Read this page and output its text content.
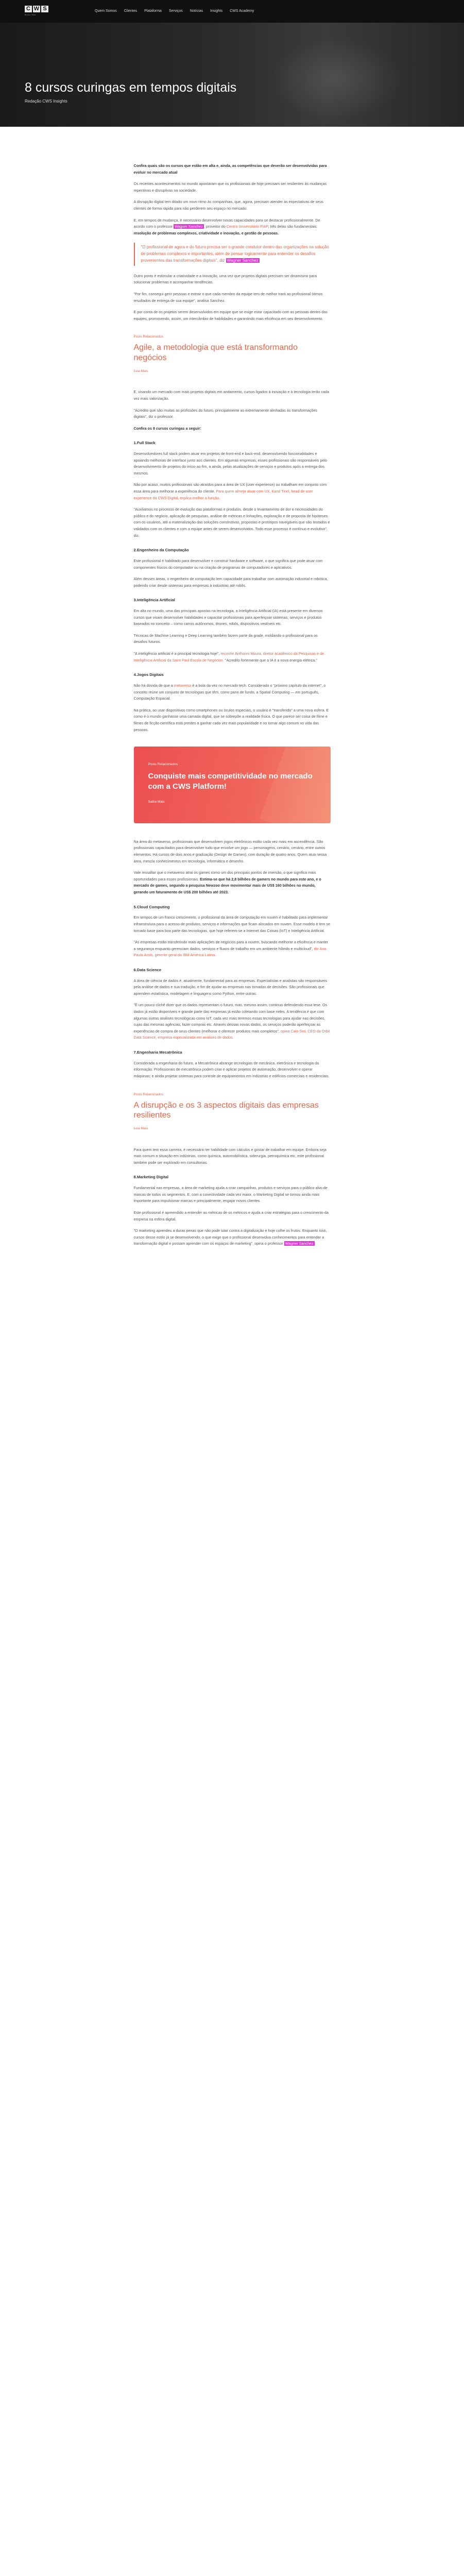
C W S
Brain Hub
Quem Somos Clientes Plataforma Serviços Notícias Insights CWS Academy
8 cursos curingas em tempos digitais
Redação CWS Insights

Confira quais são os cursos que estão em alta e, ainda, as competências que deverão ser desenvolvidas para evoluir no mercado atual

Os recentes acontecimentos no mundo apontaram que os profissionais de hoje precisam ser resilientes às mudanças repentinas e disruptivas na sociedade.

A disrupção digital tem ditado um novo ritmo às companhias, que, agora, precisam atender às expectativas de seus clientes de forma rápida para não perderem seu espaço no mercado.

E, em tempos de mudança, é necessário desenvolver novas capacidades para se destacar profissionalmente. De acordo com o professor Wagner Sanchez , proveitor do Centro Universitário FIAP, três delas são fundamentais: resolução de problemas complexos, criatividade e inovação, e gestão de pessoas.

"O profissional de agora e do futuro precisa ser o grande condutor dentro das organizações na solução de problemas complexos e importantes, além de pensar logicamente para entender os desafios provenientes das transformações digitais", diz Wagner Sanchez

Outro ponto é estimular a criatividade e a inovação, uma vez que projetos digitais precisam ser dinamismo para solucionar problemas e acompanhar tendências.

"Por fim, consegui gerir pessoas e extrair o que cada membro da equipe tem de melhor trará ao profissional ótimos resultados de entrega de sua equipe", analisa Sanchez.

E por conta de os projetos serem desenvolvidos em equipe que se exige estar capacitado com as pessoas dentro das equipes, promovendo, assim, um intercâmbio de habilidades e garantindo mais eficiência em seu desenvolvimento.

Posts Relacionados
Agile, a metodologia que está transformando negócios
Leia Mais

E, visando um mercado com mais projetos digitais em andamento, cursos ligados à inovação e à tecnologia terão cada vez mais valorização.

"Acredito que são muitas as profissões do futuro, principalmente as extremamente alinhadas às transformações digitais", diz o professor.

Confira os 8 cursos curingas a seguir:

1.Full Stack

Desenvolvedores full stack podem atuar em projetos de front-end e back-end, desenvolvendo funcionalidades e apoiando melhorias de interface junto aos clientes. Em algumas empresas, esses profissionais são responsáveis pelo desenvolvimento de projetos do início ao fim, a ainda, pelas atualizações de serviços e produtos após a entrega dos mesmos.

Não por acaso, muitos profissionais são atraídos para a área de UX (user experience) ou trabalham em conjunto com essa área para melhorar a experiência do cliente. Para quem almeja atuar com UX, Karol Tiriel, head de user experience da CWS Digital, explica melhor a função.

"Auxiliamos no processo de evolução das plataformas e produtos, desde o levantamento de dor e necessidades do público e do negócio, aplicação de pesquisas, análise de métricas e linhações, exploração e de proposta de hipóteses com os usuários, até a materialização das soluções construtivas, propostas e protótipos navegáveis que são testados e validados com os clientes e com a equipe antes de serem desenvolvidos. Todo esse processo é contínuo e evolutivo", diz.

2.Engenheiro da Computação

Este profissional é habilitado para desenvolver e construir hardware e software, o que significa que pode atuar com componentes físicos do computador ou na criação de programas de computadores e aplicativos.

Além desses áreas, o engenheiro de computação tem capacidade para trabalhar com automação industrial e robótica, podendo criar desde sistemas para empresas à indústrias até robôs.

3.Inteligência Artificial

Em alta no mundo, uma das principais apostas na tecnologia, a Inteligência Artificial (IA) está presente em diversos cursos que visam desenvolver habilidades e capacitar profissionais para aperfeiçoar sistemas, serviços e produtos baseados no conceito – como carros autônomos, drones, robôs, dispositivos vestíveis etc.

Técnicas de Machine Learning e Deep Learning também fazem parte da grade, moldando o profissional para os desafios futuros.

"A inteligência artificial é a principal tecnologia hoje", reconhe Anthonni Moura, diretor acadêmico da Pesquisas e de Inteligência Artificial da Saint Paul Escola de Negócios. "Acredito fortemente que a IA é a nova energia elétrica."

4.Jogos Digitais

Não há dúvida de que a metaverso é a bola da vez no mercado tech. Considerado o "próximo capítulo da internet", o conceito reúne um conjunto de tecnologias que têm, como pano de fundo, a Spatial Computing — em português, Computação Espacial.

Na prática, ao usar dispositivos como smartphones ou óculos especiais, o usuário é "transferido" a uma nova esfera. E como é o mundo ganhasse uma camada digital, que se sobrepõe a realidade física. O que parece ser coisa de filme e filmes de ficção científica está prestes a ganhar cada vez mais popularidade e no tornar algo comum no vida das pessoas.

Posts Relacionados
Conquiste mais competitividade no mercado com a CWS Platform!
Saiba Mais

Na área do metaverso, profissionais que desenvolvem jogos eletrônicos estão cada vez mais em ascendência. São profissionais capacitados para desenvolver tudo que envolve um jogo — personagens, cenário, cenário, entre outros elementos. Há cursos de dois anos e graduação (Design de Games), com duração de quatro anos. Quem atua nessa área, mescla conhecimentos em tecnologia, informática e desenho.

Vale ressaltar que o metaverso atrai os games como um dos principais pontos de imersão, o que significa mais oportunidades para esses profissionais. Estima-se que há 2,8 bilhões de gamers no mundo para este ano, e o mercado de games, segundo a pesquisa Newzoo deve movimentar mais de US$ 160 bilhões no mundo, gerando um faturamento de US$ 200 bilhões até 2023.

5.Cloud Computing

Em tempos de um franco crescimento, o profissional da área de computação em nuvem é habilitado para implementar infraestrutura para o acesso de produtos, serviços e informações que ficam alocados em nuvem. Esse modelo é tem se tornado base para boa parte das tecnologias, que hoje referem-se a Internet das Coisas (IoT) e Inteligência Artificial.

"As empresas estão transferindo mais aplicações de negócios para a nuvem, buscando melhorar a eficiência e manter a segurança enquanto gerenciam dados, serviços e fluxos de trabalho em um ambiente híbrido e multicloud", diz Ana Paula Assis, gerente geral da IBM América Latina.

6.Data Science

A área de ciência de dados é, atualmente, fundamental para as empresas. Especialistas e analistas são responsáveis pela análise de dados e sua tradução, e fim de ajudar as empresas nas tomadas de decisões. São profissionais que aprendem estatística, modelagem e linguagens como Python, entre outras.

"É um pouco clichê dizer que os dados representam o futuro, mas, mesmo assim, continuo defendendo essa tese. Os dados já estão disponíveis e grande parte das empresas já estão coletando com base neles. A tendência é que com algumas outras análises tecnológicas como IoT, cada vez mais teremos essas tecnologias para ajudar nas decisões, cujas das mesmas agências, fazer compras etc. Através dessas novas dados, os serviços poderão aperfeiçoar as experiências de compra de seus clientes (melhorar e oferecer produtos mais completos", opina Caio Sini, CEO da Orbit Data Science, empresa especializada em análises de dados.

7.Engenharia Mecatrônica

Considerada a engenharia do futuro, a Mecatrônica abrange tecnologias de mecânica, eletrônica e tecnologia da informação. Profissionais de mecatrônica podem criar e aplicar projetos de automação, desenvolver e operar máquinas; e ainda projetar sistemas para controle de equipamentos em indústrias e edifícios comerciais e residenciais.

Posts Relacionados
A disrupção e os 3 aspectos digitais das empresas resilientes
Leia Mais

Para quem tem essa carreira, é necessário ter habilidade com cálculos e gostar de trabalhar em equipe. Embora seja mais comum a situação em indústrias, como química, automobilística, siderurgia, petroquímica etc, este profissional também pode ser explorado em consultorias.

8.Marketing Digital

Fundamental nas empresas, a área de marketing ajuda a criar campanhas, produtos e serviços para o público alvo de marcas de todos os segmentos. E, com a conectividade cada vez maior, o Marketing Digital se tornou ainda mais importante para impulsionar marcas e principalmente, engajar novos clientes.

Este profissional é apreendido a entender as métricas de os métricos e ajuda a criar estratégias para o crescimento da empresa na esfera digital.

"O marketing aprendeu a duras penas que não pode lutar contra a digitalização e hoje colhe os frutos. Enquanto isso, cursos desse estilo já se desenvolvendo, o que exige que o profissional desenvolva conhecimentos para entender a transformação digital e possam aprender com os espaços de marketing", opina o professor Wagner Sanchez
